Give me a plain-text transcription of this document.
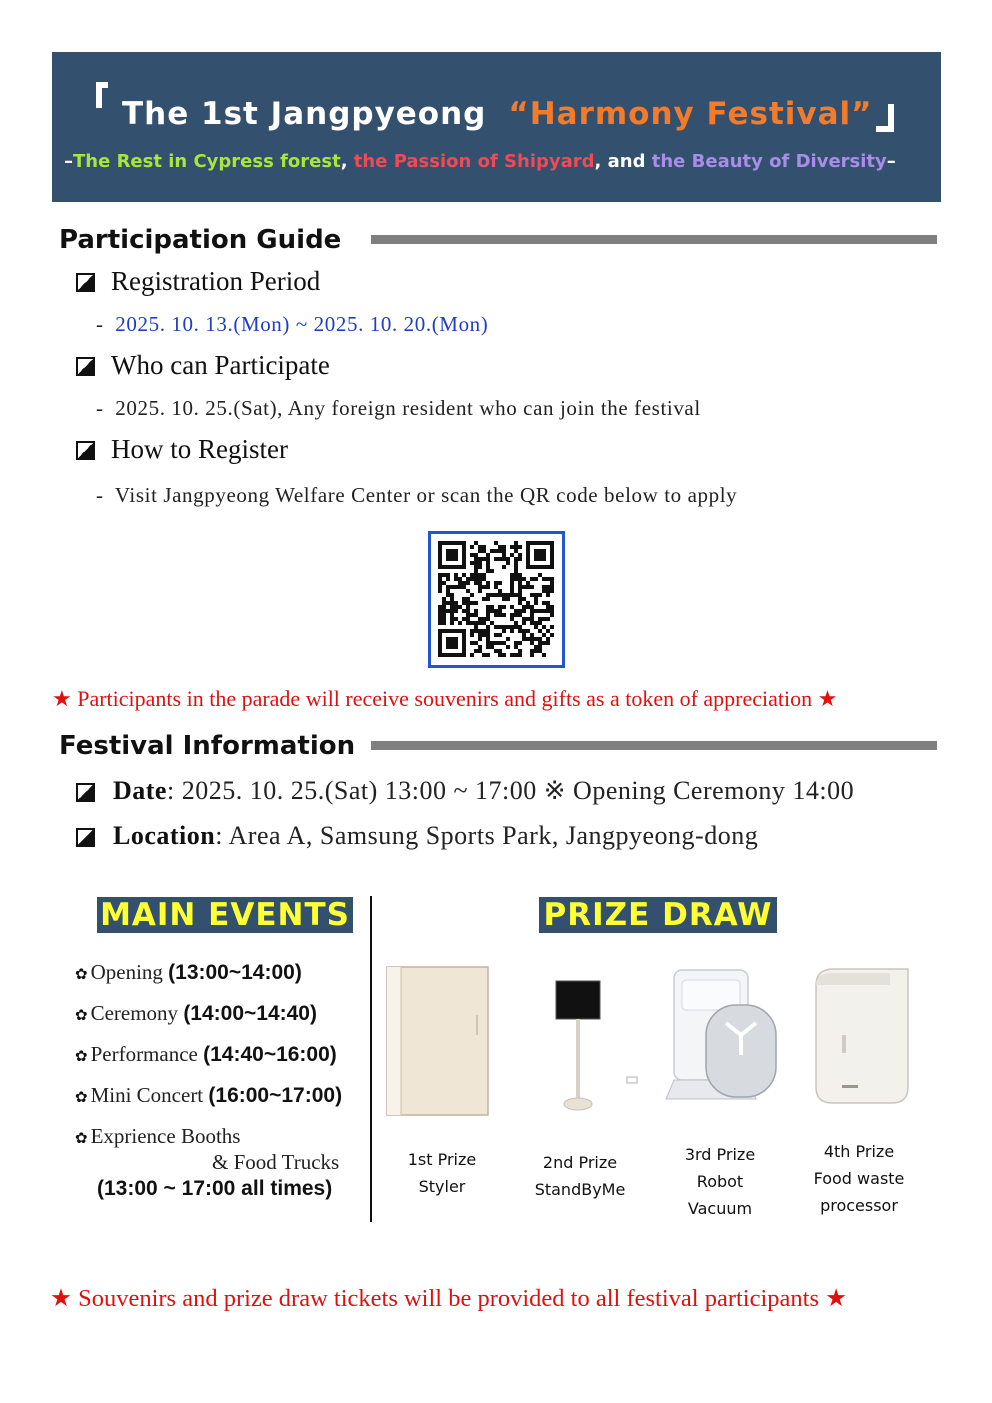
The 1st Jangpyeong “Harmony Festival”
–The Rest in Cypress forest, the Passion of Shipyard, and the Beauty of Diversity–
Participation Guide
Registration Period
- 2025. 10. 13.(Mon) ~ 2025. 10. 20.(Mon)
Who can Participate
- 2025. 10. 25.(Sat), Any foreign resident who can join the festival
How to Register
- Visit Jangpyeong Welfare Center or scan the QR code below to apply
★ Participants in the parade will receive souvenirs and gifts as a token of appreciation ★
Festival Information
Date: 2025. 10. 25.(Sat) 13:00 ~ 17:00 ※ Opening Ceremony 14:00
Location: Area A, Samsung Sports Park, Jangpyeong-dong
MAIN EVENTS
✿ Opening (13:00~14:00)
✿ Ceremony (14:00~14:40)
✿ Performance (14:40~16:00)
✿ Mini Concert (16:00~17:00)
✿ Exprience Booths
& Food Trucks
(13:00 ~ 17:00 all times)
PRIZE DRAW
1st Prize
Styler
2nd Prize
StandByMe
3rd Prize
Robot
Vacuum
4th Prize
Food waste
processor
★ Souvenirs and prize draw tickets will be provided to all festival participants ★
